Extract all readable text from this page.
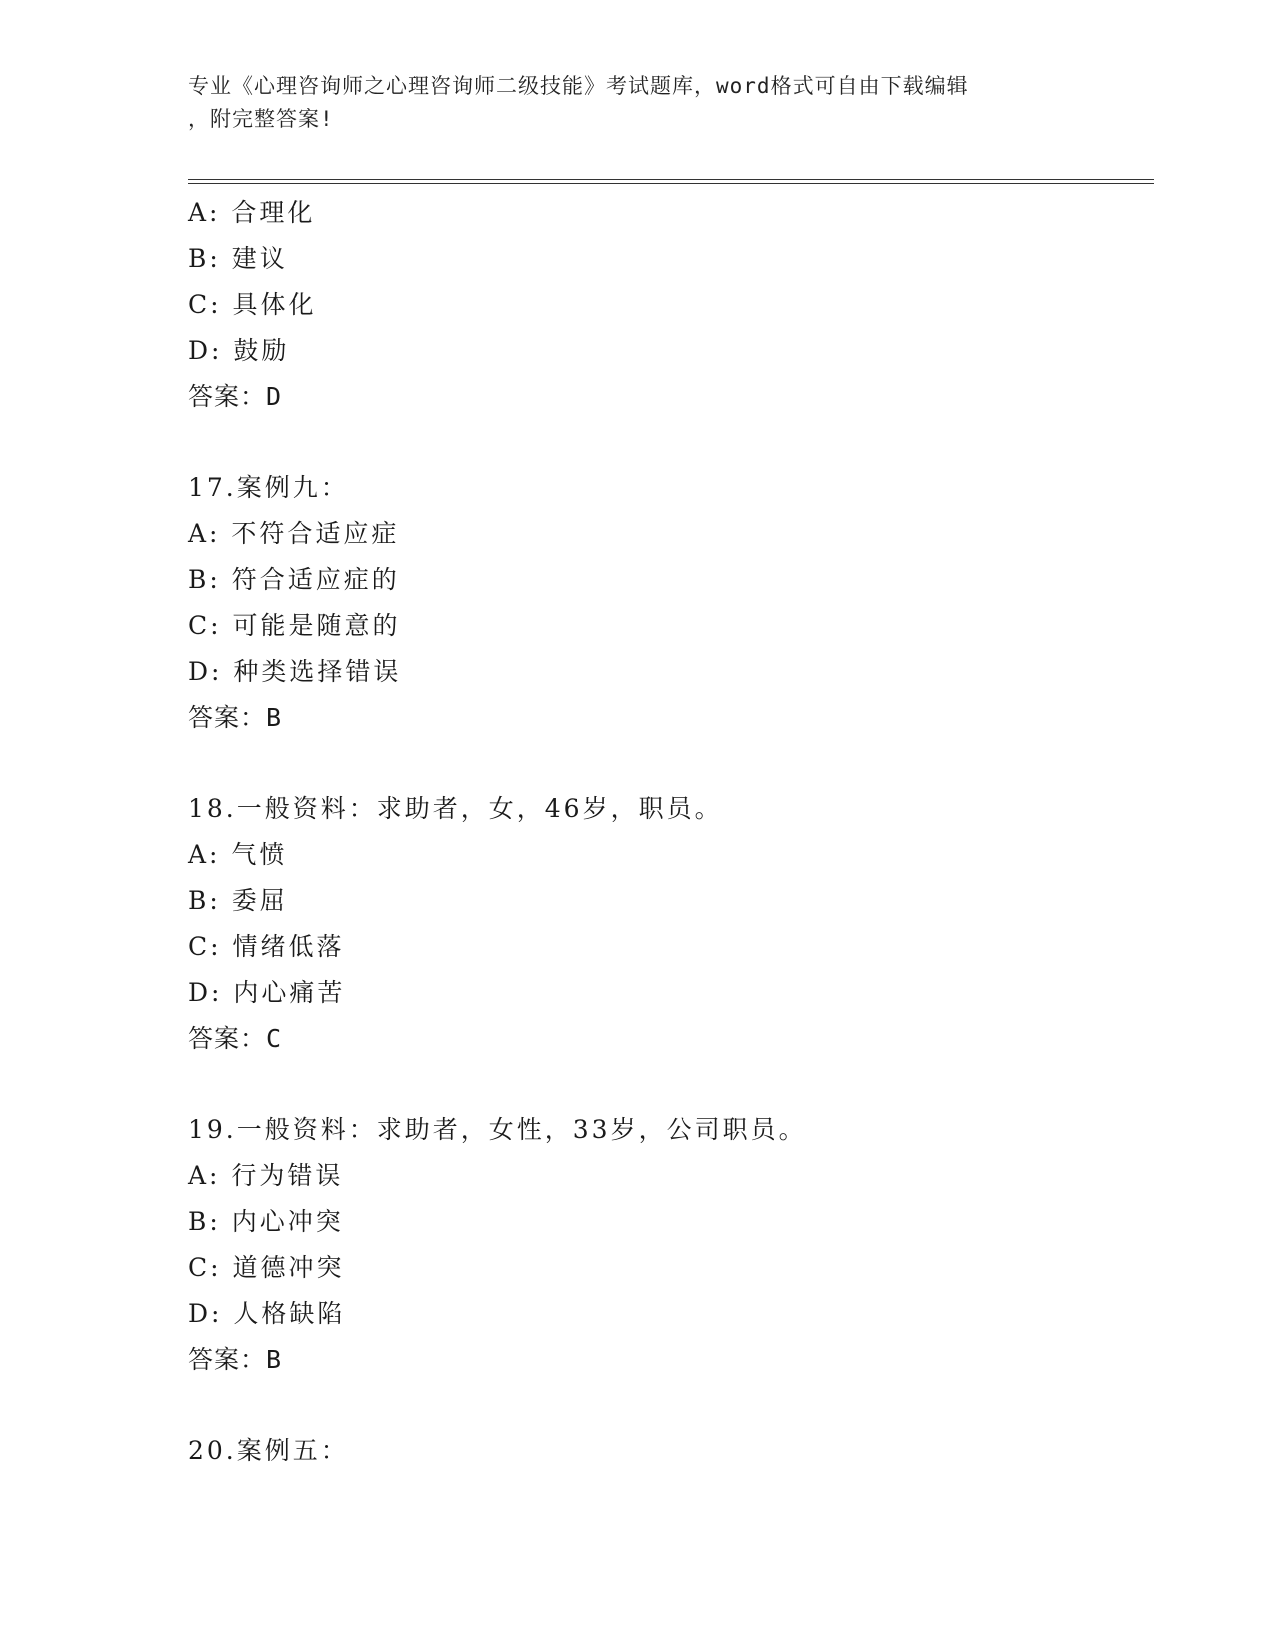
专业《心理咨询师之心理咨询师二级技能》考试题库，word格式可自由下载编辑
，附完整答案!
A: 合理化
B: 建议
C: 具体化
D: 鼓励
答案：D
17.案例九：
A: 不符合适应症
B: 符合适应症的
C: 可能是随意的
D: 种类选择错误
答案：B
18.一般资料：求助者，女，46岁，职员。
A: 气愤
B: 委屈
C: 情绪低落
D: 内心痛苦
答案：C
19.一般资料：求助者，女性，33岁，公司职员。
A: 行为错误
B: 内心冲突
C: 道德冲突
D: 人格缺陷
答案：B
20.案例五：
